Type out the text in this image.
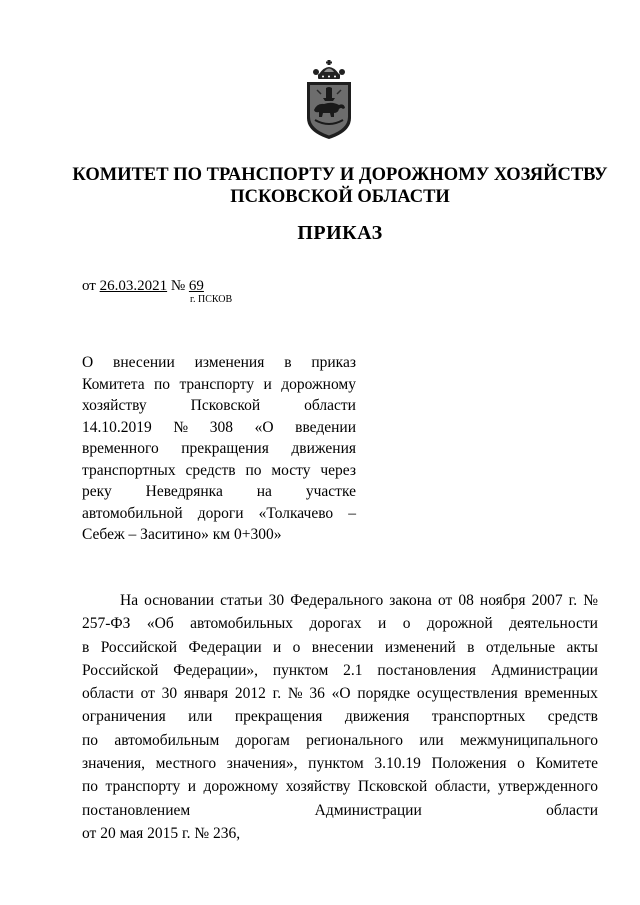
КОМИТЕТ ПО ТРАНСПОРТУ И ДОРОЖНОМУ ХОЗЯЙСТВУ
ПСКОВСКОЙ ОБЛАСТИ
ПРИКАЗ
от 26.03.2021 № 69
г. ПСКОВ
О внесении изменения в приказ
Комитета по транспорту и дорожному
хозяйству	Псковской	области
14.10.2019 № 308 «О введении
временного прекращения движения
транспортных средств по мосту через
реку Неведрянка на участке
автомобильной дороги «Толкачево –
Себеж – Заситино» км 0+300»
На основании статьи 30 Федерального закона от 08 ноября 2007 г. №
257-ФЗ «Об автомобильных дорогах и о дорожной деятельности
в Российской Федерации и о внесении изменений в отдельные акты
Российской Федерации», пунктом 2.1 постановления Администрации
области от 30 января 2012 г. № 36 «О порядке осуществления временных
ограничения или прекращения движения транспортных средств
по автомобильным дорогам регионального или межмуниципального
значения, местного значения», пунктом 3.10.19 Положения о Комитете
по транспорту и дорожному хозяйству Псковской области, утвержденного
постановлением	Администрации	области
от 20 мая 2015 г. № 236,
